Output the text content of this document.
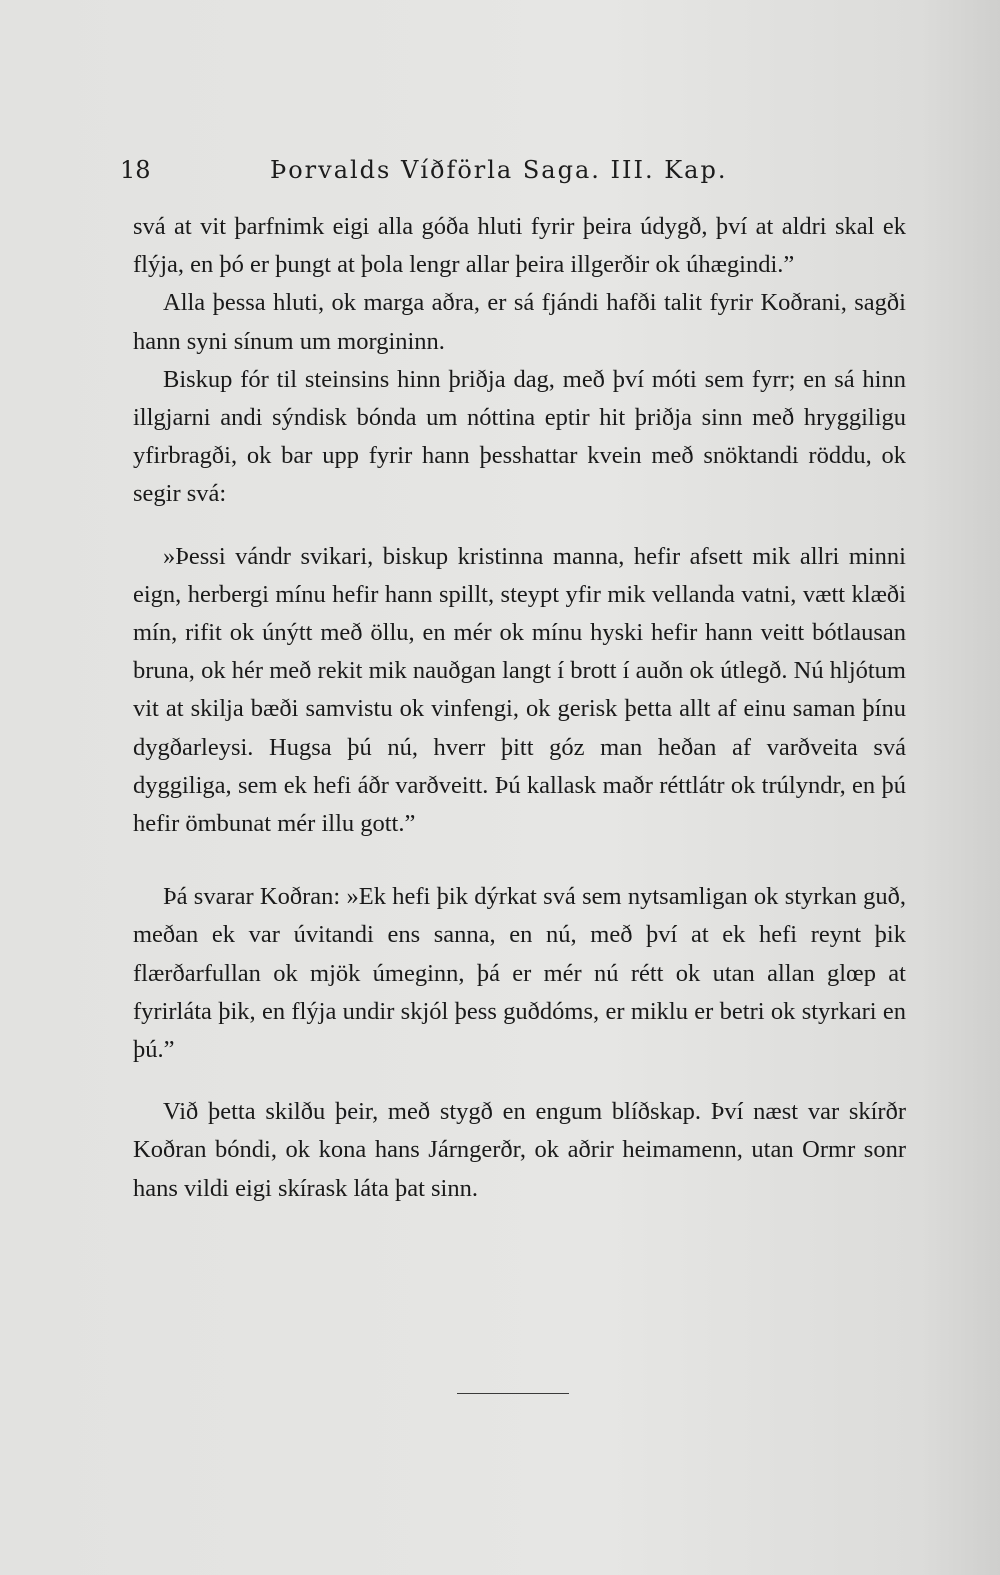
18	Þorvalds Víðförla Saga. III. Kap.

svá at vit þarfnimk eigi alla góða hluti fyrir þeira údygð, því at aldri skal ek flýja, en þó er þungt at þola lengr allar þeira illgerðir ok úhægindi.”

Alla þessa hluti, ok marga aðra, er sá fjándi hafði talit fyrir Koðrani, sagði hann syni sínum um morgininn.

Biskup fór til steinsins hinn þriðja dag, með því móti sem fyrr; en sá hinn illgjarni andi sýndisk bónda um nóttina eptir hit þriðja sinn með hryggiligu yfirbragði, ok bar upp fyrir hann þesshattar kvein með snöktandi röddu, ok segir svá:

»Þessi vándr svikari, biskup kristinna manna, hefir afsett mik allri minni eign, herbergi mínu hefir hann spillt, steypt yfir mik vellanda vatni, vætt klæði mín, rifit ok únýtt með öllu, en mér ok mínu hyski hefir hann veitt bótlausan bruna, ok hér með rekit mik nauðgan langt í brott í auðn ok útlegð. Nú hljótum vit at skilja bæði samvistu ok vinfengi, ok gerisk þetta allt af einu saman þínu dygðarleysi. Hugsa þú nú, hverr þitt góz man heðan af varðveita svá dyggiliga, sem ek hefi áðr varðveitt. Þú kallask maðr réttlátr ok trúlyndr, en þú hefir ömbunat mér illu gott.”

Þá svarar Koðran: »Ek hefi þik dýrkat svá sem nytsamligan ok styrkan guð, meðan ek var úvitandi ens sanna, en nú, með því at ek hefi reynt þik flærðarfullan ok mjök úmeginn, þá er mér nú rétt ok utan allan glœp at fyrirláta þik, en flýja undir skjól þess guðdóms, er miklu er betri ok styrkari en þú.”

Við þetta skilðu þeir, með stygð en engum blíðskap. Því næst var skírðr Koðran bóndi, ok kona hans Járngerðr, ok aðrir heimamenn, utan Ormr sonr hans vildi eigi skírask láta þat sinn.
